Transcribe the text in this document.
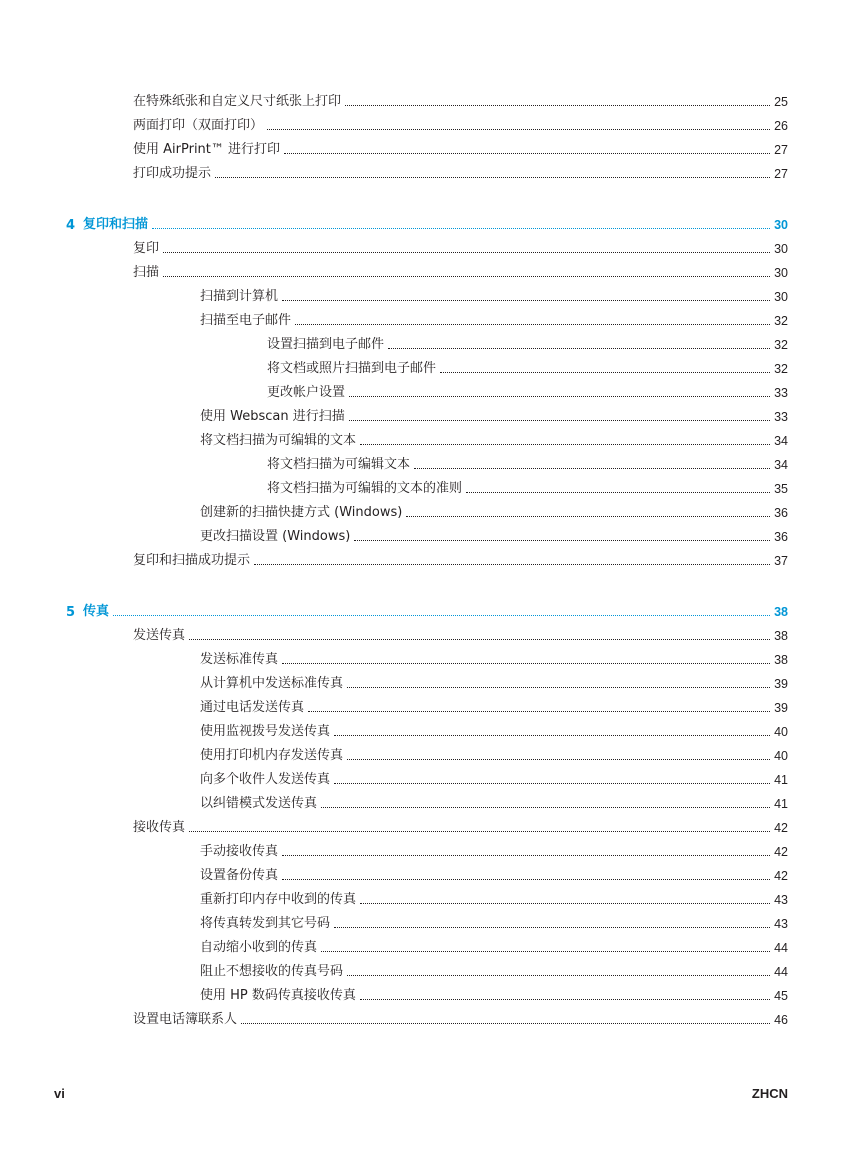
在特殊纸张和自定义尺寸纸张上打印	25
两面打印（双面打印）	26
使用 AirPrint™ 进行打印	27
打印成功提示	27
4 复印和扫描	30
复印	30
扫描	30
扫描到计算机	30
扫描至电子邮件	32
设置扫描到电子邮件	32
将文档或照片扫描到电子邮件	32
更改帐户设置	33
使用 Webscan 进行扫描	33
将文档扫描为可编辑的文本	34
将文档扫描为可编辑文本	34
将文档扫描为可编辑的文本的准则	35
创建新的扫描快捷方式 (Windows)	36
更改扫描设置 (Windows)	36
复印和扫描成功提示	37
5 传真	38
发送传真	38
发送标准传真	38
从计算机中发送标准传真	39
通过电话发送传真	39
使用监视拨号发送传真	40
使用打印机内存发送传真	40
向多个收件人发送传真	41
以纠错模式发送传真	41
接收传真	42
手动接收传真	42
设置备份传真	42
重新打印内存中收到的传真	43
将传真转发到其它号码	43
自动缩小收到的传真	44
阻止不想接收的传真号码	44
使用 HP 数码传真接收传真	45
设置电话簿联系人	46
vi	ZHCN
